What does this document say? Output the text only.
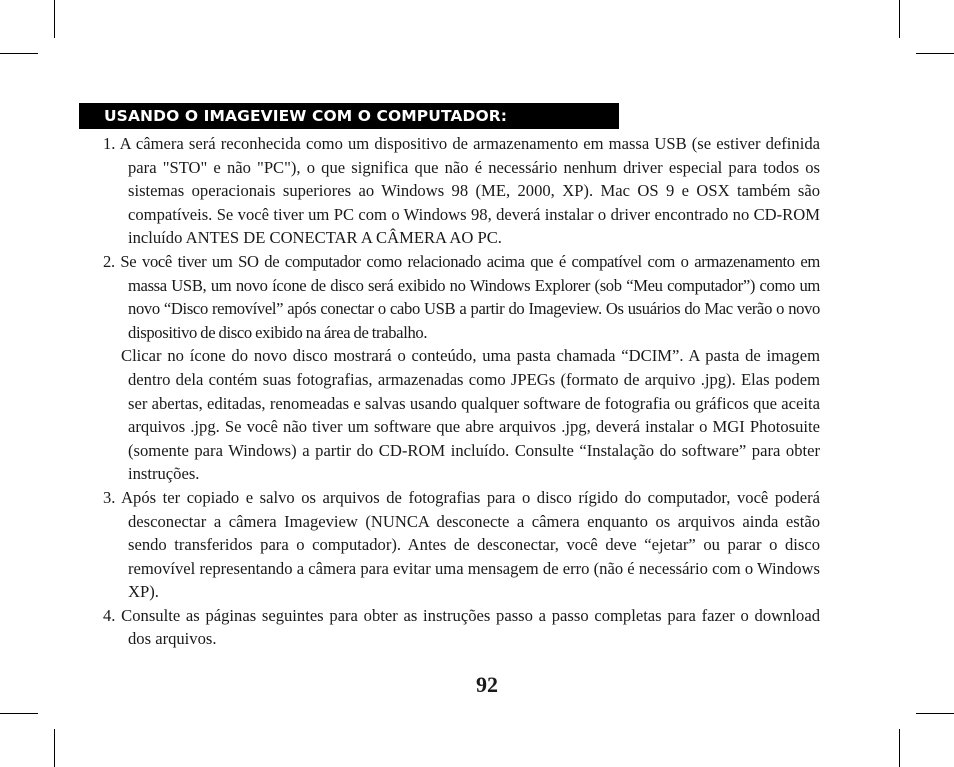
USANDO O IMAGEVIEW COM O COMPUTADOR:

1. A câmera será reconhecida como um dispositivo de armazenamento em massa USB (se estiver definida para "STO" e não "PC"), o que significa que não é necessário nenhum driver especial para todos os sistemas operacionais superiores ao Windows 98 (ME, 2000, XP). Mac OS 9 e OSX também são compatíveis. Se você tiver um PC com o Windows 98, deverá instalar o driver encontrado no CD-ROM incluído ANTES DE CONECTAR A CÂMERA AO PC.

2. Se você tiver um SO de computador como relacionado acima que é compatível com o armazenamento em massa USB, um novo ícone de disco será exibido no Windows Explorer (sob “Meu computador”) como um novo “Disco removível” após conectar o cabo USB a partir do Imageview. Os usuários do Mac verão o novo dispositivo de disco exibido na área de trabalho.

Clicar no ícone do novo disco mostrará o conteúdo, uma pasta chamada “DCIM”. A pasta de imagem dentro dela contém suas fotografias, armazenadas como JPEGs (formato de arquivo .jpg). Elas podem ser abertas, editadas, renomeadas e salvas usando qualquer software de fotografia ou gráficos que aceita arquivos .jpg. Se você não tiver um software que abre arquivos .jpg, deverá instalar o MGI Photosuite (somente para Windows) a partir do CD-ROM incluído. Consulte “Instalação do software” para obter instruções.

3. Após ter copiado e salvo os arquivos de fotografias para o disco rígido do computador, você poderá desconectar a câmera Imageview (NUNCA desconecte a câmera enquanto os arquivos ainda estão sendo transferidos para o computador). Antes de desconectar, você deve “ejetar” ou parar o disco removível representando a câmera para evitar uma mensagem de erro (não é necessário com o Windows XP).

4. Consulte as páginas seguintes para obter as instruções passo a passo completas para fazer o download dos arquivos.

92
